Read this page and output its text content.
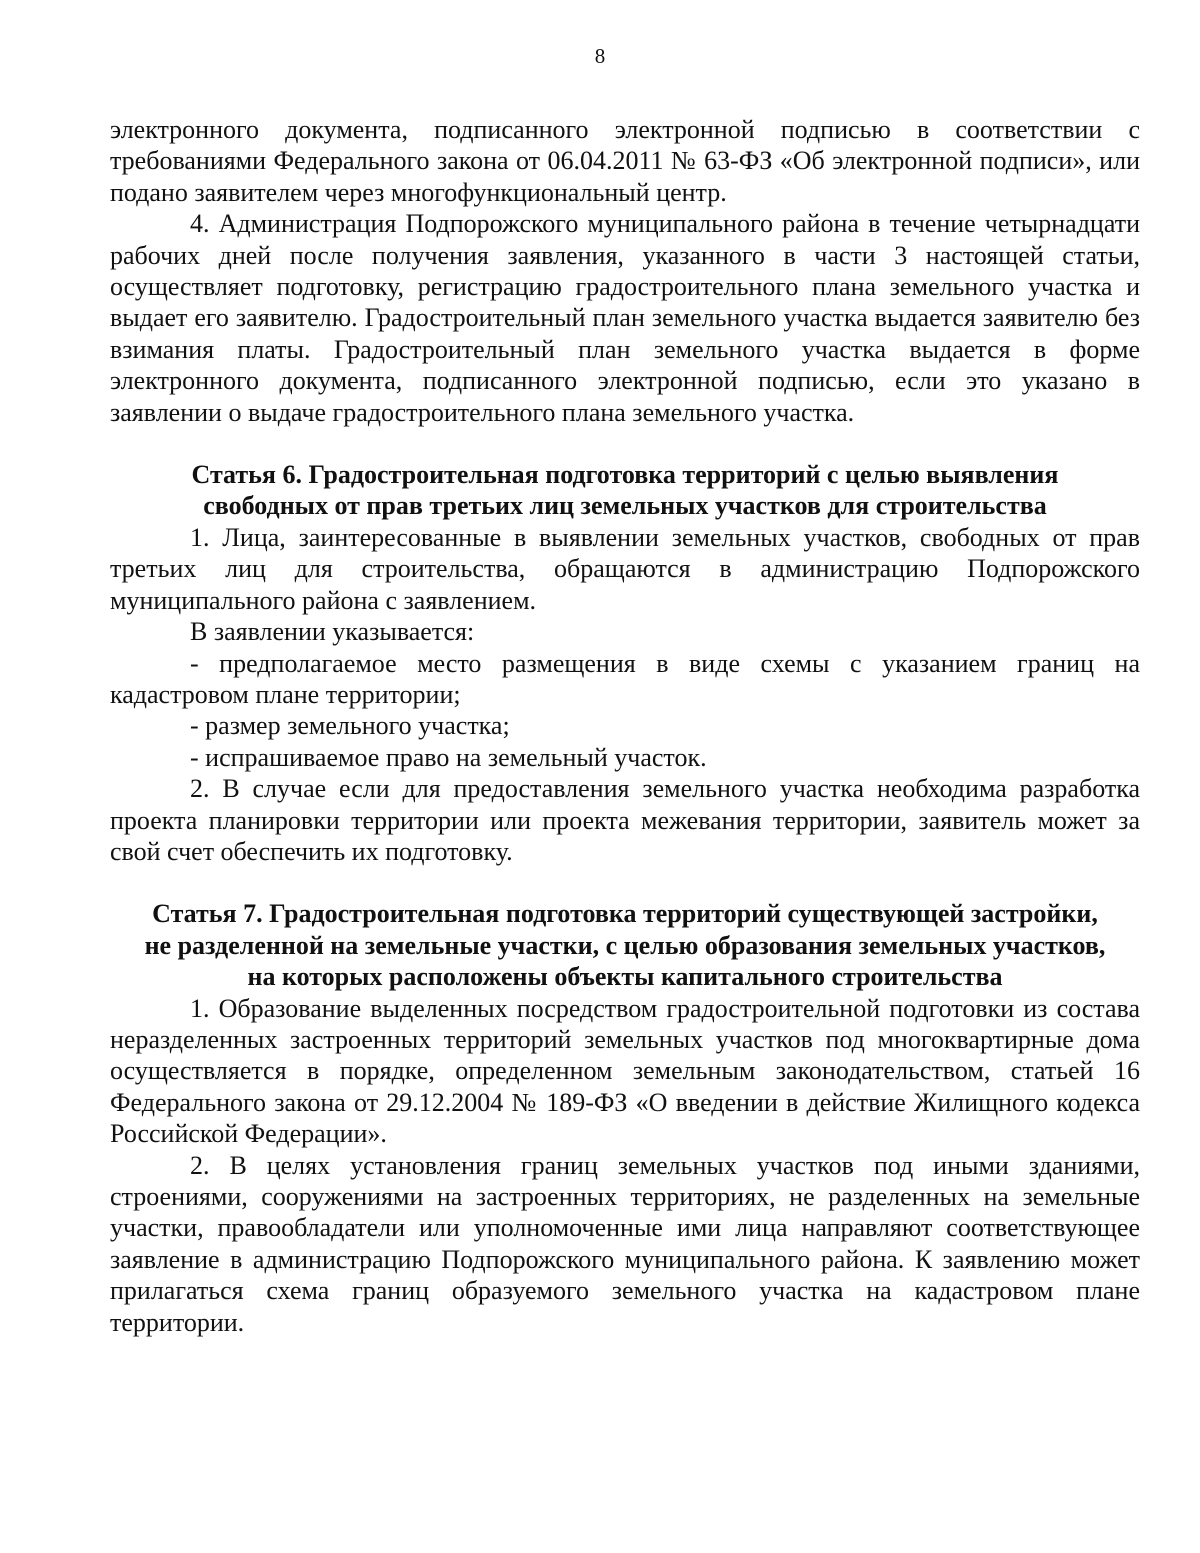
8

электронного документа, подписанного электронной подписью в соответствии с требованиями Федерального закона от 06.04.2011 № 63-ФЗ «Об электронной подписи», или подано заявителем через многофункциональный центр.

4. Администрация Подпорожского муниципального района в течение четырнадцати рабочих дней после получения заявления, указанного в части 3 настоящей статьи, осуществляет подготовку, регистрацию градостроительного плана земельного участка и выдает его заявителю. Градостроительный план земельного участка выдается заявителю без взимания платы. Градостроительный план земельного участка выдается в форме электронного документа, подписанного электронной подписью, если это указано в заявлении о выдаче градостроительного плана земельного участка.

Статья 6. Градостроительная подготовка территорий с целью выявления
свободных от прав третьих лиц земельных участков для строительства

1. Лица, заинтересованные в выявлении земельных участков, свободных от прав третьих лиц для строительства, обращаются в администрацию Подпорожского муниципального района с заявлением.

В заявлении указывается:

- предполагаемое место размещения в виде схемы с указанием границ на кадастровом плане территории;

- размер земельного участка;

- испрашиваемое право на земельный участок.

2. В случае если для предоставления земельного участка необходима разработка проекта планировки территории или проекта межевания территории, заявитель может за свой счет обеспечить их подготовку.

Статья 7. Градостроительная подготовка территорий существующей застройки,
не разделенной на земельные участки, с целью образования земельных участков,
на которых расположены объекты капитального строительства

1. Образование выделенных посредством градостроительной подготовки из состава неразделенных застроенных территорий земельных участков под многоквартирные дома осуществляется в порядке, определенном земельным законодательством, статьей 16 Федерального закона от 29.12.2004 № 189-ФЗ «О введении в действие Жилищного кодекса Российской Федерации».

2. В целях установления границ земельных участков под иными зданиями, строениями, сооружениями на застроенных территориях, не разделенных на земельные участки, правообладатели или уполномоченные ими лица направляют соответствующее заявление в администрацию Подпорожского муниципального района. К заявлению может прилагаться схема границ образуемого земельного участка на кадастровом плане территории.
